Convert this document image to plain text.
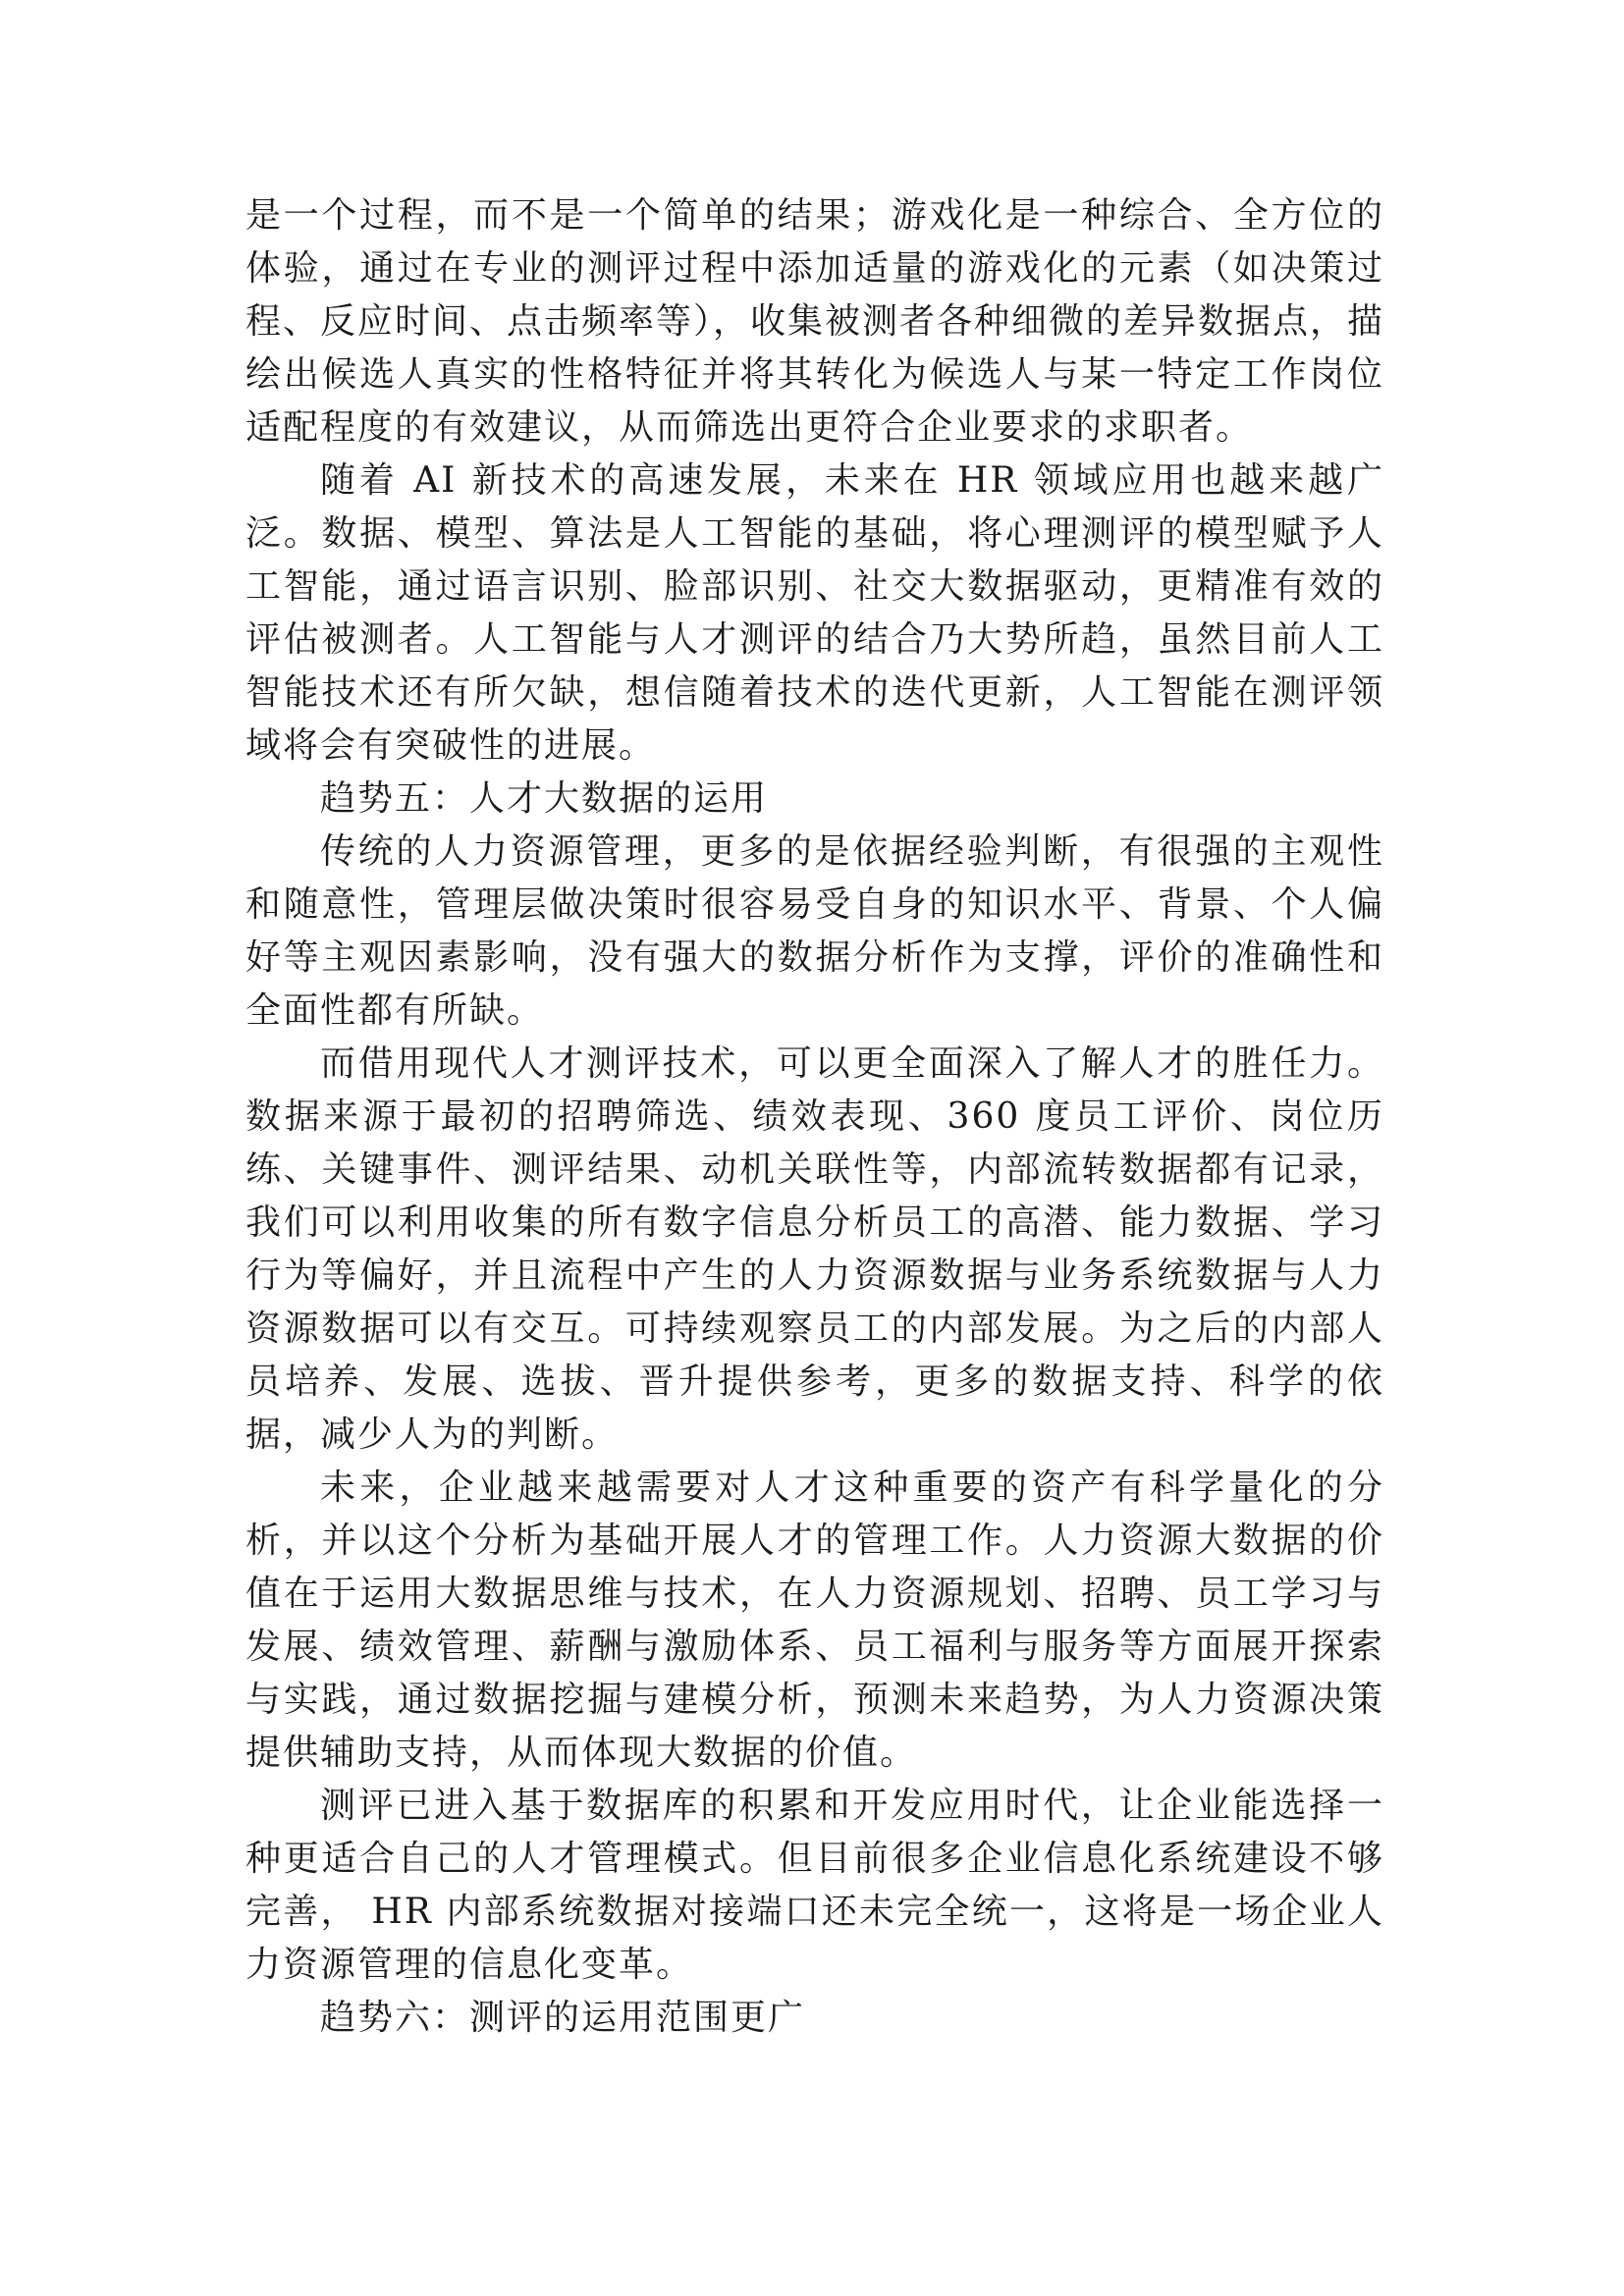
是一个过程，而不是一个简单的结果；游戏化是一种综合、全方位的体验，通过在专业的测评过程中添加适量的游戏化的元素（如决策过程、反应时间、点击频率等），收集被测者各种细微的差异数据点，描绘出候选人真实的性格特征并将其转化为候选人与某一特定工作岗位适配程度的有效建议，从而筛选出更符合企业要求的求职者。

随着 AI 新技术的高速发展，未来在 HR 领域应用也越来越广泛。数据、模型、算法是人工智能的基础，将心理测评的模型赋予人工智能，通过语言识别、脸部识别、社交大数据驱动，更精准有效的评估被测者。人工智能与人才测评的结合乃大势所趋，虽然目前人工智能技术还有所欠缺，想信随着技术的迭代更新，人工智能在测评领域将会有突破性的进展。

趋势五：人才大数据的运用

传统的人力资源管理，更多的是依据经验判断，有很强的主观性和随意性，管理层做决策时很容易受自身的知识水平、背景、个人偏好等主观因素影响，没有强大的数据分析作为支撑，评价的准确性和全面性都有所缺。

而借用现代人才测评技术，可以更全面深入了解人才的胜任力。数据来源于最初的招聘筛选、绩效表现、360 度员工评价、岗位历练、关键事件、测评结果、动机关联性等，内部流转数据都有记录，我们可以利用收集的所有数字信息分析员工的高潜、能力数据、学习行为等偏好，并且流程中产生的人力资源数据与业务系统数据与人力资源数据可以有交互。可持续观察员工的内部发展。为之后的内部人员培养、发展、选拔、晋升提供参考，更多的数据支持、科学的依据，减少人为的判断。

未来，企业越来越需要对人才这种重要的资产有科学量化的分析，并以这个分析为基础开展人才的管理工作。人力资源大数据的价值在于运用大数据思维与技术，在人力资源规划、招聘、员工学习与发展、绩效管理、薪酬与激励体系、员工福利与服务等方面展开探索与实践，通过数据挖掘与建模分析，预测未来趋势，为人力资源决策提供辅助支持，从而体现大数据的价值。

测评已进入基于数据库的积累和开发应用时代，让企业能选择一种更适合自己的人才管理模式。但目前很多企业信息化系统建设不够完善， HR 内部系统数据对接端口还未完全统一，这将是一场企业人力资源管理的信息化变革。

趋势六：测评的运用范围更广
